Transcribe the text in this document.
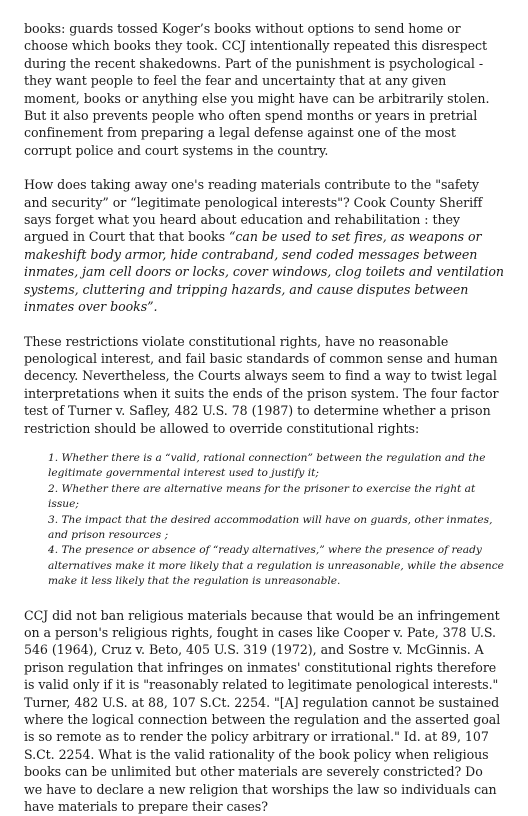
books: guards tossed Koger’s books without options to send home or choose which books they took. CCJ intentionally repeated this disrespect during the recent shakedowns. Part of the punishment is psychological - they want people to feel the fear and uncertainty that at any given moment, books or anything else you might have can be arbitrarily stolen. But it also prevents people who often spend months or years in pretrial confinement from preparing a legal defense against one of the most corrupt police and court systems in the country.

How does taking away one's reading materials contribute to the "safety and security” or “legitimate penological interests"? Cook County Sheriff says forget what you heard about education and rehabilitation : they argued in Court that that books “can be used to set fires, as weapons or makeshift body armor, hide contraband, send coded messages between inmates, jam cell doors or locks, cover windows, clog toilets and ventilation systems, cluttering and tripping hazards, and cause disputes between inmates over books”.

These restrictions violate constitutional rights, have no reasonable penological interest, and fail basic standards of common sense and human decency. Nevertheless, the Courts always seem to find a way to twist legal interpretations when it suits the ends of the prison system. The four factor test of Turner v. Safley, 482 U.S. 78 (1987) to determine whether a prison restriction should be allowed to override constitutional rights:

1. Whether there is a “valid, rational connection” between the regulation and the legitimate governmental interest used to justify it;
2. Whether there are alternative means for the prisoner to exercise the right at issue;
3. The impact that the desired accommodation will have on guards, other inmates, and prison resources ;
4. The presence or absence of “ready alternatives,” where the presence of ready alternatives make it more likely that a regulation is unreasonable, while the absence make it less likely that the regulation is unreasonable.

CCJ did not ban religious materials because that would be an infringement on a person's religious rights, fought in cases like Cooper v. Pate, 378 U.S. 546 (1964), Cruz v. Beto, 405 U.S. 319 (1972), and Sostre v. McGinnis. A prison regulation that infringes on inmates' constitutional rights therefore is valid only if it is "reasonably related to legitimate penological interests." Turner, 482 U.S. at 88, 107 S.Ct. 2254. "[A] regulation cannot be sustained where the logical connection between the regulation and the asserted goal is so remote as to render the policy arbitrary or irrational." Id. at 89, 107 S.Ct. 2254. What is the valid rationality of the book policy when religious books can be unlimited but other materials are severely constricted? Do we have to declare a new religion that worships the law so individuals can have materials to prepare their cases?
